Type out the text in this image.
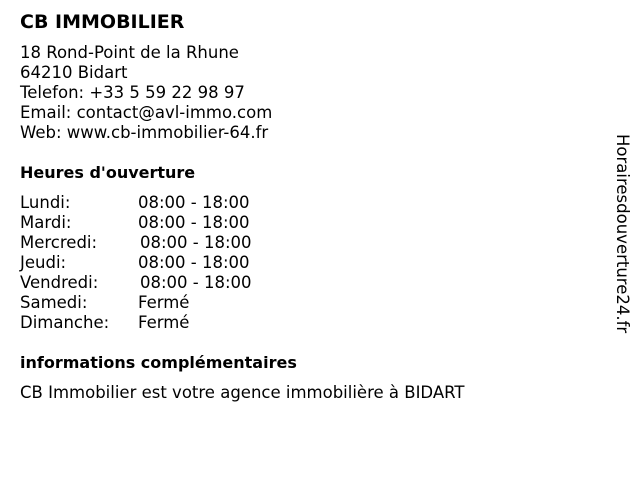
CB IMMOBILIER
18 Rond-Point de la Rhune
64210 Bidart
Telefon: +33 5 59 22 98 97
Email: contact@avl-immo.com
Web: www.cb-immobilier-64.fr
Heures d'ouverture
Lundi:	08:00 - 18:00
Mardi:	08:00 - 18:00
Mercredi:	08:00 - 18:00
Jeudi:	08:00 - 18:00
Vendredi:	08:00 - 18:00
Samedi:	Fermé
Dimanche: Fermé
informations complémentaires
CB Immobilier est votre agence immobilière à BIDART
Horairesdouverture24.fr
